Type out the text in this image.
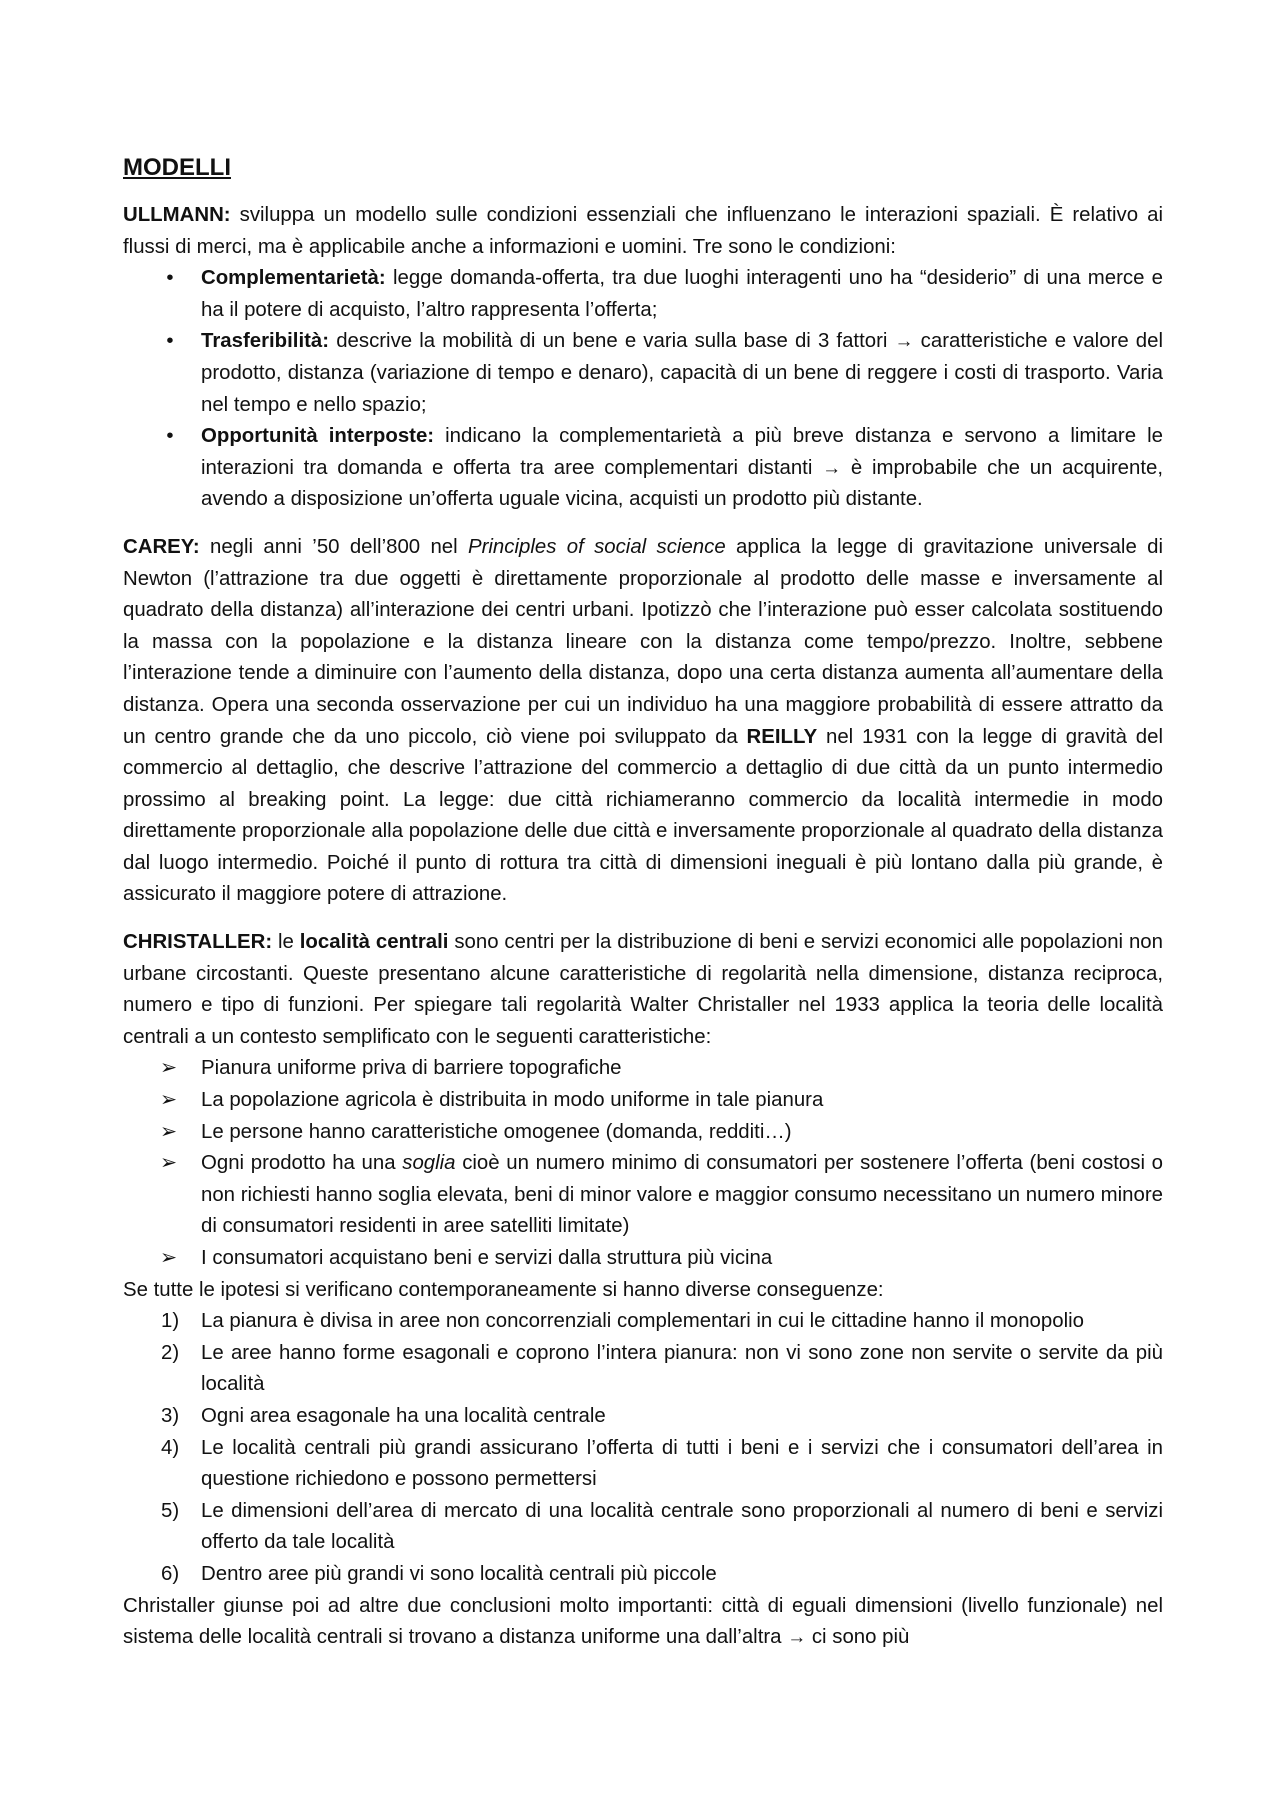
MODELLI

ULLMANN: sviluppa un modello sulle condizioni essenziali che influenzano le interazioni spaziali. È relativo ai flussi di merci, ma è applicabile anche a informazioni e uomini. Tre sono le condizioni:

•	Complementarietà: legge domanda-offerta, tra due luoghi interagenti uno ha “desiderio” di una merce e ha il potere di acquisto, l’altro rappresenta l’offerta;
•	Trasferibilità: descrive la mobilità di un bene e varia sulla base di 3 fattori → caratteristiche e valore del prodotto, distanza (variazione di tempo e denaro), capacità di un bene di reggere i costi di trasporto. Varia nel tempo e nello spazio;
•	Opportunità interposte: indicano la complementarietà a più breve distanza e servono a limitare le interazioni tra domanda e offerta tra aree complementari distanti → è improbabile che un acquirente, avendo a disposizione un’offerta uguale vicina, acquisti un prodotto più distante.

CAREY: negli anni ’50 dell’800 nel Principles of social science applica la legge di gravitazione universale di Newton (l’attrazione tra due oggetti è direttamente proporzionale al prodotto delle masse e inversamente al quadrato della distanza) all’interazione dei centri urbani. Ipotizzò che l’interazione può esser calcolata sostituendo la massa con la popolazione e la distanza lineare con la distanza come tempo/prezzo. Inoltre, sebbene l’interazione tende a diminuire con l’aumento della distanza, dopo una certa distanza aumenta all’aumentare della distanza. Opera una seconda osservazione per cui un individuo ha una maggiore probabilità di essere attratto da un centro grande che da uno piccolo, ciò viene poi sviluppato da REILLY nel 1931 con la legge di gravità del commercio al dettaglio, che descrive l’attrazione del commercio a dettaglio di due città da un punto intermedio prossimo al breaking point. La legge: due città richiameranno commercio da località intermedie in modo direttamente proporzionale alla popolazione delle due città e inversamente proporzionale al quadrato della distanza dal luogo intermedio. Poiché il punto di rottura tra città di dimensioni ineguali è più lontano dalla più grande, è assicurato il maggiore potere di attrazione.

CHRISTALLER: le località centrali sono centri per la distribuzione di beni e servizi economici alle popolazioni non urbane circostanti. Queste presentano alcune caratteristiche di regolarità nella dimensione, distanza reciproca, numero e tipo di funzioni. Per spiegare tali regolarità Walter Christaller nel 1933 applica la teoria delle località centrali a un contesto semplificato con le seguenti caratteristiche:

➢ Pianura uniforme priva di barriere topografiche
➢ La popolazione agricola è distribuita in modo uniforme in tale pianura
➢ Le persone hanno caratteristiche omogenee (domanda, redditi…)
➢ Ogni prodotto ha una soglia cioè un numero minimo di consumatori per sostenere l’offerta (beni costosi o non richiesti hanno soglia elevata, beni di minor valore e maggior consumo necessitano un numero minore di consumatori residenti in aree satelliti limitate)
➢ I consumatori acquistano beni e servizi dalla struttura più vicina

Se tutte le ipotesi si verificano contemporaneamente si hanno diverse conseguenze:

1)	La pianura è divisa in aree non concorrenziali complementari in cui le cittadine hanno il monopolio
2)	Le aree hanno forme esagonali e coprono l’intera pianura: non vi sono zone non servite o servite da più località
3)	Ogni area esagonale ha una località centrale
4)	Le località centrali più grandi assicurano l’offerta di tutti i beni e i servizi che i consumatori dell’area in questione richiedono e possono permettersi
5)	Le dimensioni dell’area di mercato di una località centrale sono proporzionali al numero di beni e servizi offerto da tale località
6)	Dentro aree più grandi vi sono località centrali più piccole

Christaller giunse poi ad altre due conclusioni molto importanti: città di eguali dimensioni (livello funzionale) nel sistema delle località centrali si trovano a distanza uniforme una dall’altra → ci sono più
